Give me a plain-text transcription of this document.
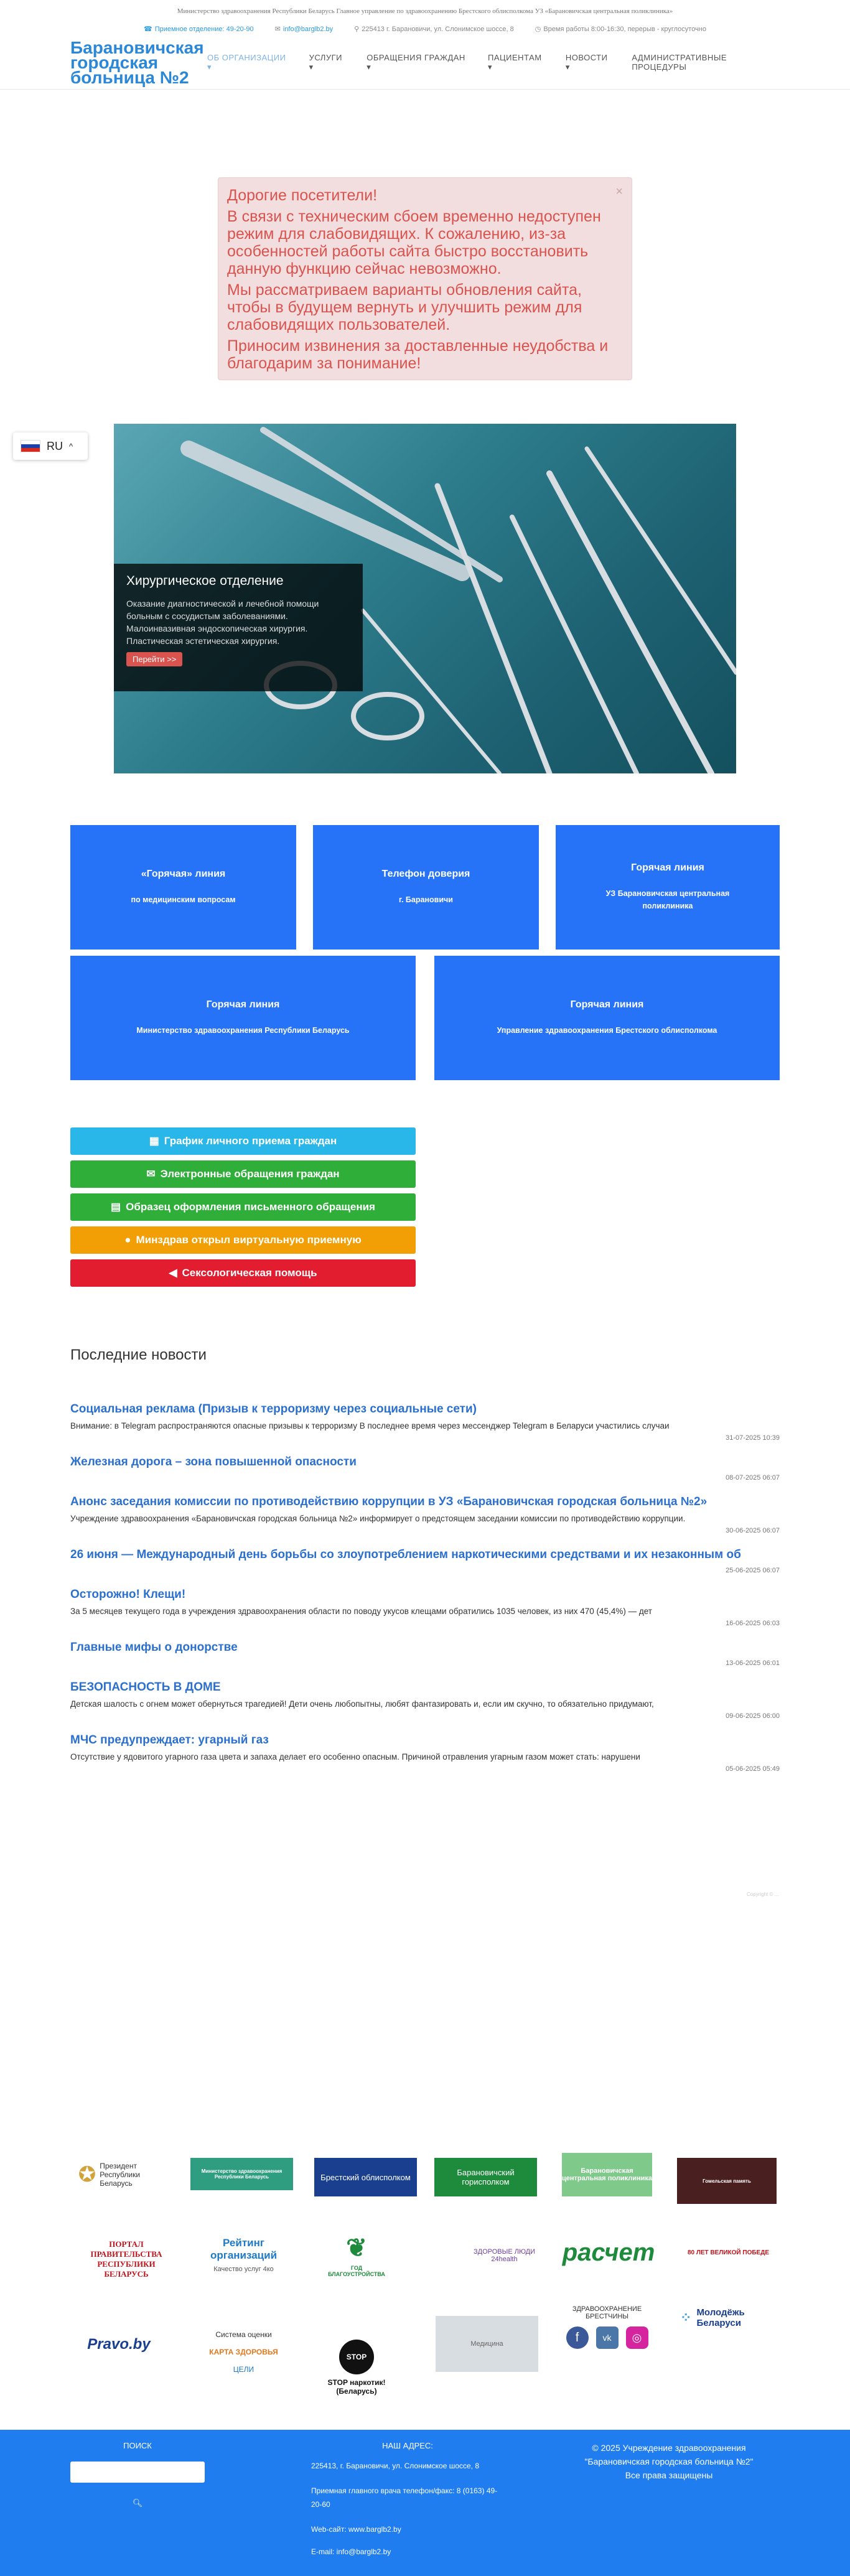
Министерство здравоохранения Республики Беларусь Главное управление по здравоохранению Брестского облисполкома УЗ «Барановичская центральная поликлиника»
☎ Приемное отделение: 49-20-90	✉ info@barglb2.by	⚲ 225413 г. Барановичи, ул. Слонимское шоссе, 8	◷ Время работы 8:00-16:30, перерыв - круглосуточно
Барановичская городская больница №2
ОБ ОРГАНИЗАЦИИ ▾
УСЛУГИ ▾
ОБРАЩЕНИЯ ГРАЖДАН ▾
ПАЦИЕНТАМ ▾
НОВОСТИ ▾
АДМИНИСТРАТИВНЫЕ ПРОЦЕДУРЫ
×

Дорогие посетители!

В связи с техническим сбоем временно недоступен режим для слабовидящих. К сожалению, из-за особенностей работы сайта быстро восстановить данную функцию сейчас невозможно.

Мы рассматриваем варианты обновления сайта, чтобы в будущем вернуть и улучшить режим для слабовидящих пользователей.

Приносим извинения за доставленные неудобства и благодарим за понимание!

RU ^
Хирургическое отделение

Оказание диагностической и лечебной помощи больным с сосудистым заболеваниями.

Малоинвазивная эндоскопическая хирургия.

Пластическая эстетическая хирургия.

Перейти >>
«Горячая» линия
по медицинским вопросам
Телефон доверия
г. Барановичи
Горячая линия
УЗ Барановичская центральная поликлиника
Горячая линия
Министерство здравоохранения Республики Беларусь
Горячая линия
Управление здравоохранения Брестского облисполкома
▦ График личного приема граждан
✉ Электронные обращения граждан
▤ Образец оформления письменного обращения
● Минздрав открыл виртуальную приемную
◀ Сексологическая помощь
Последние новости
Социальная реклама (Призыв к терроризму через социальные сети)
Внимание: в Telegram распространяются опасные призывы к терроризму В последнее время через мессенджер Telegram в Беларуси участились случаи
31-07-2025 10:39
Железная дорога – зона повышенной опасности
08-07-2025 06:07
Анонс заседания комиссии по противодействию коррупции в УЗ «Барановичская городская больница №2»
Учреждение здравоохранения «Барановичская городская больница №2» информирует о предстоящем заседании комиссии по противодействию коррупции.
30-06-2025 06:07
26 июня — Международный день борьбы со злоупотреблением наркотическими средствами и их незаконным об
25-06-2025 06:07
Осторожно! Клещи!
За 5 месяцев текущего года в учреждения здравоохранения области по поводу укусов клещами обратились 1035 человек, из них 470 (45,4%) — дет
16-06-2025 06:03
Главные мифы о донорстве
13-06-2025 06:01
БЕЗОПАСНОСТЬ В ДОМЕ
Детская шалость с огнем может обернуться трагедией! Дети очень любопытны, любят фантазировать и, если им скучно, то обязательно придумают,
09-06-2025 06:00
МЧС предупреждает: угарный газ
Отсутствие у ядовитого угарного газа цвета и запаха делает его особенно опасным. Причиной отравления угарным газом может стать: нарушени
05-06-2025 05:49
Copyright © ...
✪ Президент Республики Беларусь
Министерство здравоохранения Республики Беларусь	Брестский облисполком	Барановичский горисполком
Барановичская центральная поликлиника	Гомельская память
ПОРТАЛ ПРАВИТЕЛЬСТВА РЕСПУБЛИКИ БЕЛАРУСЬ
Рейтинг организаций
Качество услуг 4ко
❦
ГОД БЛАГОУСТРОЙСТВА
ЗДОРОВЫЕ ЛЮДИ 24health	расчет	80 ЛЕТ ВЕЛИКОЙ ПОБЕДЕ
Pravo.by
Система оценки
КАРТА ЗДОРОВЬЯ
ЦЕЛИ
STOP
STOP наркотик! (Беларусь)
Медицина
ЗДРАВООХРАНЕНИЕ БРЕСТЧИНЫ
f	vk	◎
⁘ Молодёжь Беларуси
ПОИСК
🔍︎
НАШ АДРЕС:
225413, г. Барановичи, ул. Слонимское шоссе, 8
Приемная главного врача телефон/факс: 8 (0163) 49-20-60
Web-сайт: www.barglb2.by
E-mail: info@barglb2.by
© 2025 Учреждение здравоохранения
"Барановичская городская больница №2"
Все права защищены
